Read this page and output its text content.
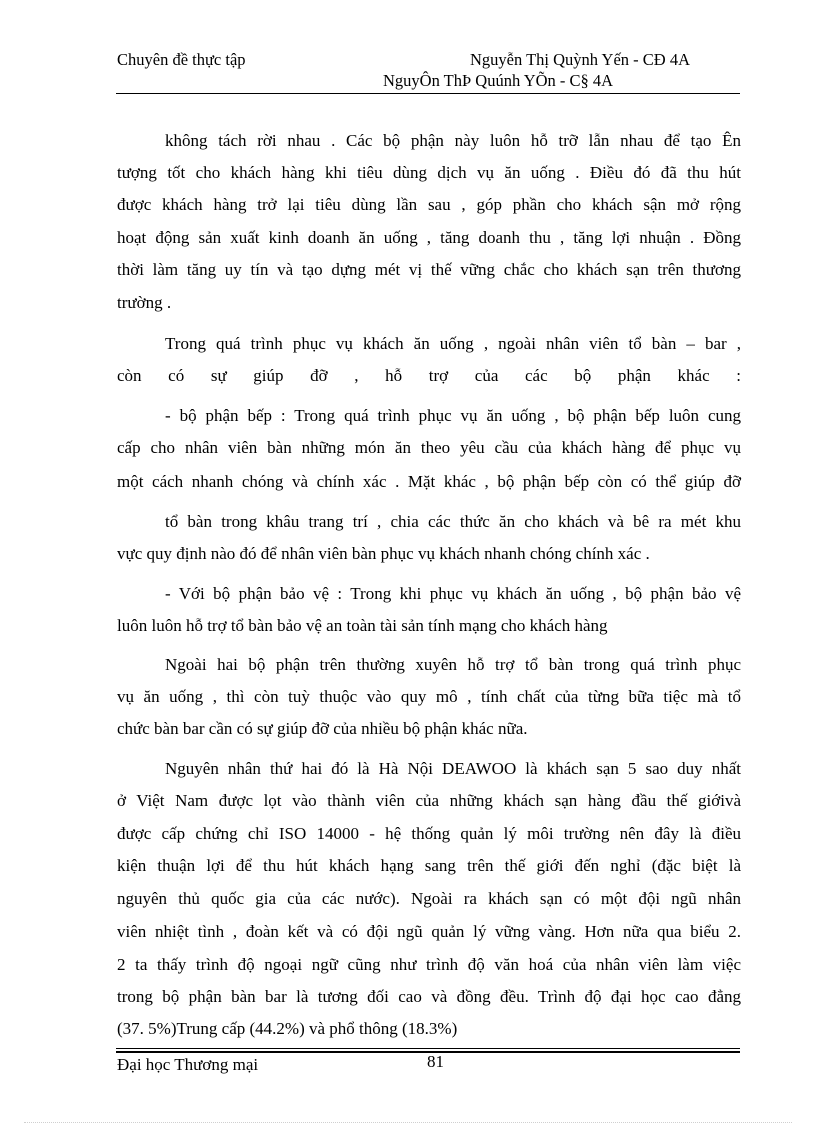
Chuyên đề thực tập	Nguyễn Thị Quỳnh Yến - CĐ 4A
NguyÔn ThÞ Quúnh YÕn - C§ 4A
không tách rời nhau . Các bộ phận này luôn hỗ trỡ lẫn nhau để tạo Ên
tượng tốt cho khách hàng khi tiêu dùng dịch vụ ăn uống . Điều đó đã thu hút
được khách hàng trở lại tiêu dùng lần sau , góp phần cho khách sận mở rộng
hoạt động sản xuất kinh doanh ăn uống , tăng doanh thu , tăng lợi nhuận . Đồng
thời làm tăng uy tín và tạo dựng mét vị thế vững chắc cho khách sạn trên thương
trường .
Trong quá trình phục vụ khách ăn uống , ngoài nhân viên tổ bàn – bar ,
còn có sự giúp đỡ , hỗ trợ của các bộ phận khác :
- bộ phận bếp : Trong quá trình phục vụ ăn uống , bộ phận bếp luôn cung
cấp cho nhân viên bàn những món ăn theo yêu cầu của khách hàng để phục vụ
một cách nhanh chóng và chính xác . Mặt khác , bộ phận bếp còn có thể giúp đỡ
tổ bàn trong khâu trang trí , chia các thức ăn cho khách và bê ra mét khu
vực quy định nào đó để nhân viên bàn phục vụ khách nhanh chóng chính xác .
- Với bộ phận bảo vệ : Trong khi phục vụ khách ăn uống , bộ phận bảo vệ
luôn luôn hỗ trợ tổ bàn bảo vệ an toàn tài sản tính mạng cho khách hàng
Ngoài hai bộ phận trên thường xuyên hỗ trợ tổ bàn trong quá trình phục
vụ ăn uống , thì còn tuỳ thuộc vào quy mô , tính chất của từng bữa tiệc mà tổ
chức bàn bar cần có sự giúp đỡ của nhiều bộ phận khác nữa.
Nguyên nhân thứ hai đó là Hà Nội DEAWOO là khách sạn 5 sao duy nhất
ở Việt Nam được lọt vào thành viên của những khách sạn hàng đầu thế giớivà
được cấp chứng chỉ ISO 14000 - hệ thống quản lý môi trường nên đây là điều
kiện thuận lợi để thu hút khách hạng sang trên thế giới đến nghỉ (đặc biệt là
nguyên thủ quốc gia của các nước). Ngoài ra khách sạn có một đội ngũ nhân
viên nhiệt tình , đoàn kết và có đội ngũ quản lý vững vàng. Hơn nữa qua biểu 2.
2 ta thấy trình độ ngoại ngữ cũng như trình độ văn hoá của nhân viên làm việc
trong bộ phận bàn bar là tương đối cao và đồng đều. Trình độ đại học cao đẳng
(37. 5%)Trung cấp (44.2%) và phổ thông (18.3%)
Đại học Thương mại	81
